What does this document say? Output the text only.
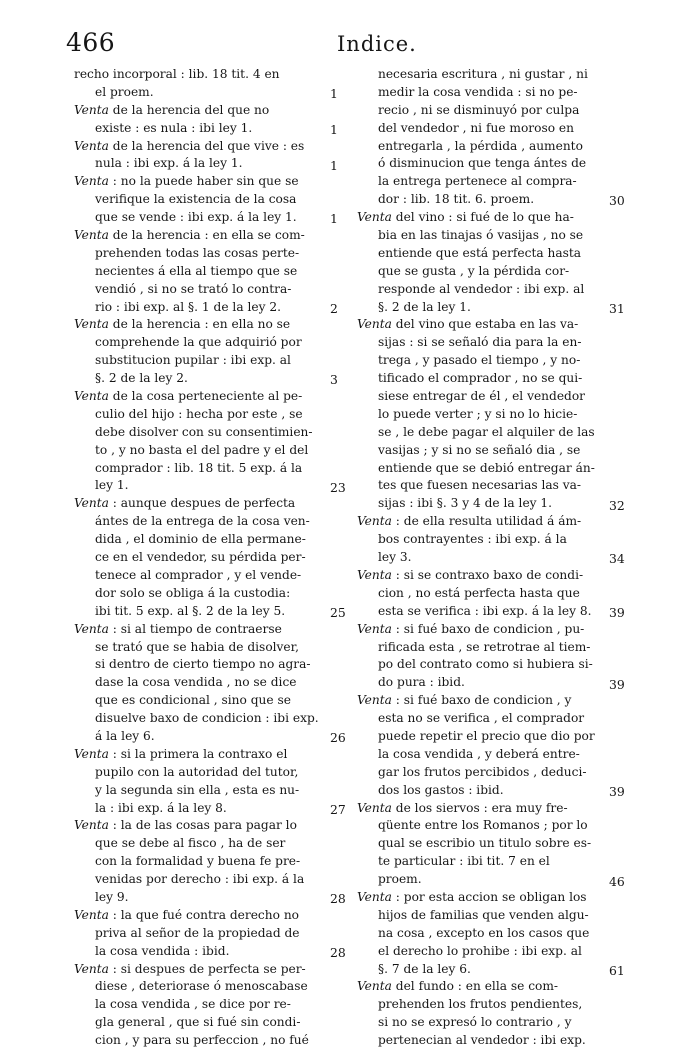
466	Indice.
recho incorporal : lib. 18 tit. 4 en
el proem.
Venta de la herencia del que no
existe : es nula : ibi ley 1.
Venta de la herencia del que vive : es
nula : ibi exp. á la ley 1.
Venta : no la puede haber sin que se
verifique la existencia de la cosa
que se vende : ibi exp. á la ley 1.
Venta de la herencia : en ella se com-
prehenden todas las cosas perte-
necientes á ella al tiempo que se
vendió , si no se trató lo contra-
rio : ibi exp. al §. 1 de la ley 2.
Venta de la herencia : en ella no se
comprehende la que adquirió por
substitucion pupilar : ibi exp. al
§. 2 de la ley 2.
Venta de la cosa perteneciente al pe-
culio del hijo : hecha por este , se
debe disolver con su consentimien-
to , y no basta el del padre y el del
comprador : lib. 18 tit. 5 exp. á la
ley 1.
Venta : aunque despues de perfecta
ántes de la entrega de la cosa ven-
dida , el dominio de ella permane-
ce en el vendedor, su pérdida per-
tenece al comprador , y el vende-
dor solo se obliga á la custodia:
ibi tit. 5 exp. al §. 2 de la ley 5.
Venta : si al tiempo de contraerse
se trató que se habia de disolver,
si dentro de cierto tiempo no agra-
dase la cosa vendida , no se dice
que es condicional , sino que se
disuelve baxo de condicion : ibi exp.
á la ley 6.
Venta : si la primera la contraxo el
pupilo con la autoridad del tutor,
y la segunda sin ella , esta es nu-
la : ibi exp. á la ley 8.
Venta : la de las cosas para pagar lo
que se debe al fisco , ha de ser
con la formalidad y buena fe pre-
venidas por derecho : ibi exp. á la
ley 9.
Venta : la que fué contra derecho no
priva al señor de la propiedad de
la cosa vendida : ibid.
Venta : si despues de perfecta se per-
diese , deteriorase ó menoscabase
la cosa vendida , se dice por re-
gla general , que si fué sin condi-
cion , y para su perfeccion , no fué
necesaria escritura , ni gustar , ni
medir la cosa vendida : si no pe-
recio , ni se disminuyó por culpa
del vendedor , ni fue moroso en
entregarla , la pérdida , aumento
ó disminucion que tenga ántes de
la entrega pertenece al compra-
dor : lib. 18 tit. 6. proem.
Venta del vino : si fué de lo que ha-
bia en las tinajas ó vasijas , no se
entiende que está perfecta hasta
que se gusta , y la pérdida cor-
responde al vendedor : ibi exp. al
§. 2 de la ley 1.
Venta del vino que estaba en las va-
sijas : si se señaló dia para la en-
trega , y pasado el tiempo , y no-
tificado el comprador , no se qui-
siese entregar de él , el vendedor
lo puede verter ; y si no lo hicie-
se , le debe pagar el alquiler de las
vasijas ; y si no se señaló dia , se
entiende que se debió entregar án-
tes que fuesen necesarias las va-
sijas : ibi §. 3 y 4 de la ley 1.
Venta : de ella resulta utilidad á ám-
bos contrayentes : ibi exp. á la
ley 3.
Venta : si se contraxo baxo de condi-
cion , no está perfecta hasta que
esta se verifica : ibi exp. á la ley 8.
Venta : si fué baxo de condicion , pu-
rificada esta , se retrotrae al tiem-
po del contrato como si hubiera si-
do pura : ibid.
Venta : si fué baxo de condicion , y
esta no se verifica , el comprador
puede repetir el precio que dio por
la cosa vendida , y deberá entre-
gar los frutos percibidos , deduci-
dos los gastos : ibid.
Venta de los siervos : era muy fre-
qüente entre los Romanos ; por lo
qual se escribio un titulo sobre es-
te particular : ibi tit. 7 en el
proem.
Venta : por esta accion se obligan los
hijos de familias que venden algu-
na cosa , excepto en los casos que
el derecho lo prohibe : ibi exp. al
§. 7 de la ley 6.
Venta del fundo : en ella se com-
prehenden los frutos pendientes,
si no se expresó lo contrario , y
pertenecian al vendedor : ibi exp.
1
1
1
1
2
3
23
25
26
27
28
28
30
31
32
34
39
39
39
46
61
